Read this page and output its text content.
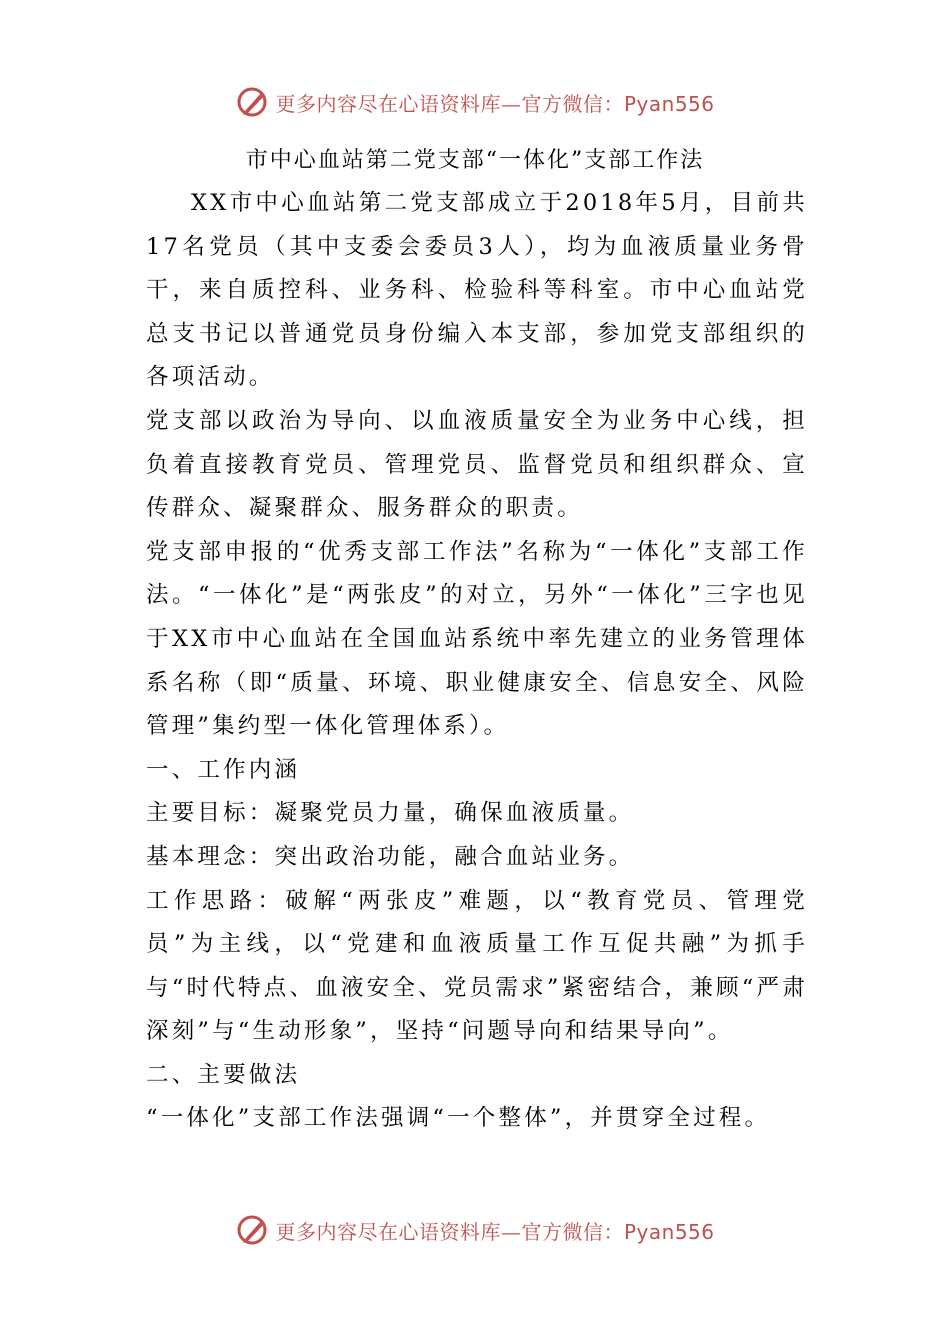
更多内容尽在心语资料库—官方微信：Pyan556
市中心血站第二党支部“一体化”支部工作法

XX市中心血站第二党支部成立于2018年5月，目前共17名党员（其中支委会委员3人），均为血液质量业务骨干，来自质控科、业务科、检验科等科室。市中心血站党总支书记以普通党员身份编入本支部，参加党支部组织的各项活动。

党支部以政治为导向、以血液质量安全为业务中心线，担负着直接教育党员、管理党员、监督党员和组织群众、宣传群众、凝聚群众、服务群众的职责。

党支部申报的“优秀支部工作法”名称为“一体化”支部工作法。“一体化”是“两张皮”的对立，另外“一体化”三字也见于XX市中心血站在全国血站系统中率先建立的业务管理体系名称（即“质量、环境、职业健康安全、信息安全、风险管理”集约型一体化管理体系）。

一、工作内涵

主要目标：凝聚党员力量，确保血液质量。

基本理念：突出政治功能，融合血站业务。

工作思路：破解“两张皮”难题，以“教育党员、管理党员”为主线，以“党建和血液质量工作互促共融”为抓手与“时代特点、血液安全、党员需求”紧密结合，兼顾“严肃深刻”与“生动形象”，坚持“问题导向和结果导向”。

二、主要做法

“一体化”支部工作法强调“一个整体”，并贯穿全过程。

更多内容尽在心语资料库—官方微信：Pyan556
